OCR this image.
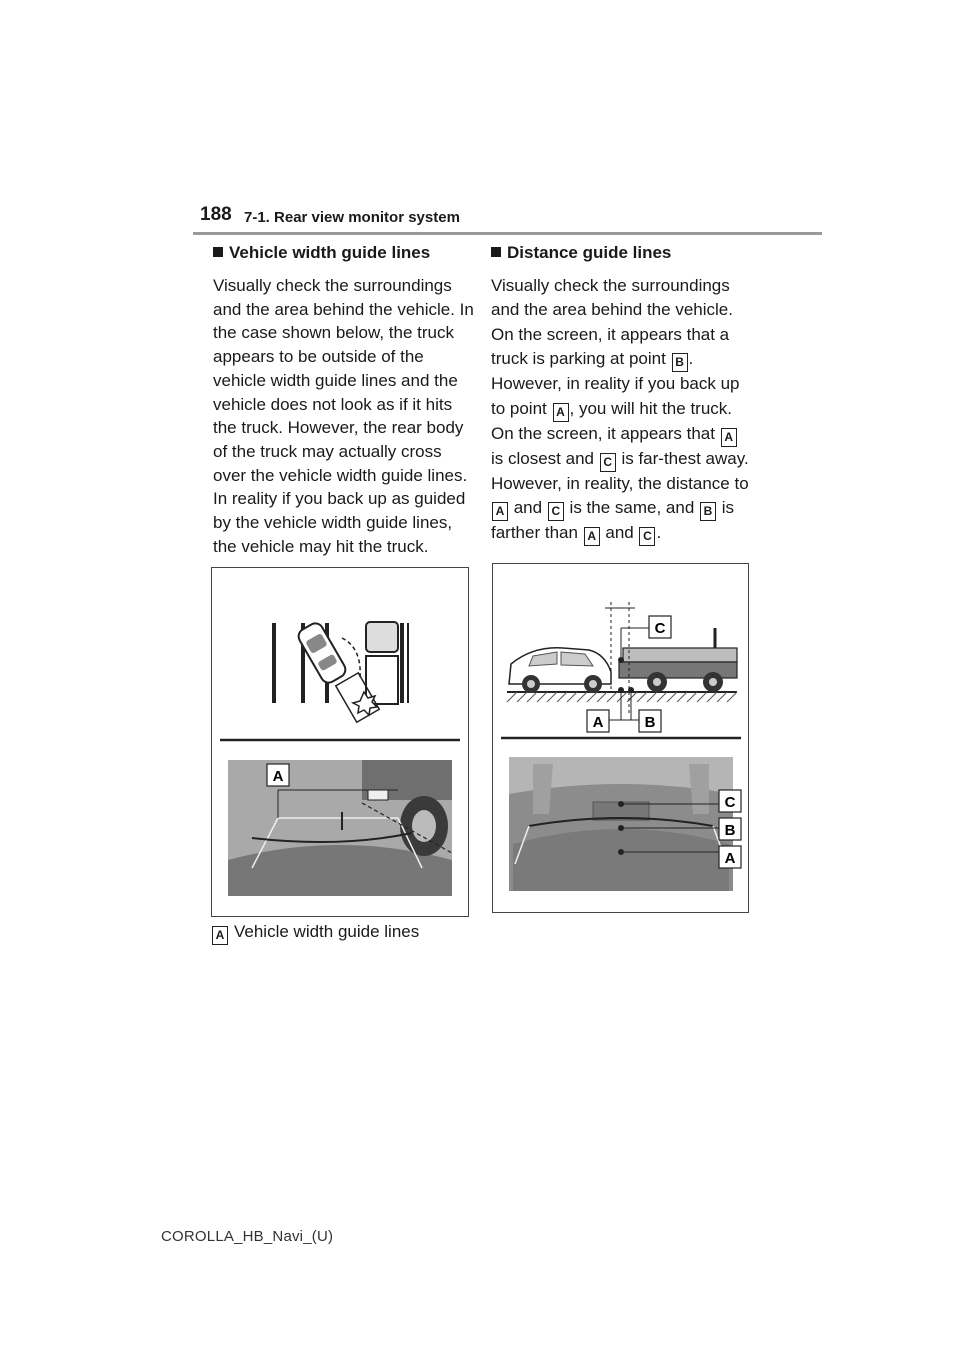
188 7-1. Rear view monitor system
Vehicle width guide lines

Visually check the surroundings and the area behind the vehicle. In the case shown below, the truck appears to be outside of the vehicle width guide lines and the vehicle does not look as if it hits the truck. However, the rear body of the truck may actually cross over the vehicle width guide lines. In reality if you back up as guided by the vehicle width guide lines, the vehicle may hit the truck.

Distance guide lines

Visually check the surroundings and the area behind the vehicle. On the screen, it appears that a truck is parking at point B . However, in reality if you back up to point A , you will hit the truck. On the screen, it appears that A is closest and C is far-thest away. However, in reality, the distance to A and C is the same, and B is farther than A and C .

A
C
A	B
C
B
A
A Vehicle width guide lines
COROLLA_HB_Navi_(U)
